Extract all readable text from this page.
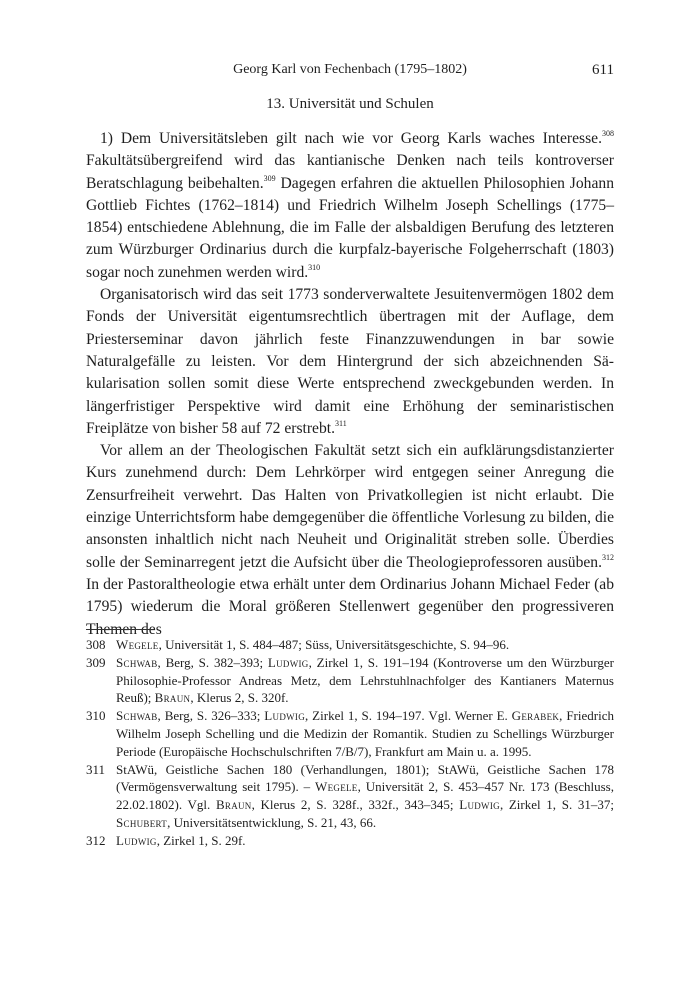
Georg Karl von Fechenbach (1795–1802)	611
13. Universität und Schulen

1) Dem Universitätsleben gilt nach wie vor Georg Karls waches Interesse.$^{308}$ Fakultätsübergreifend wird das kantianische Denken nach teils kontroverser Beratschlagung beibehalten.$^{309}$ Dagegen erfahren die aktuellen Philosophien Johann Gottlieb Fichtes (1762–1814) und Friedrich Wilhelm Joseph Schellings (1775–1854) entschiedene Ablehnung, die im Falle der alsbaldigen Berufung des letzteren zum Würzburger Ordinarius durch die kurpfalz-bayerische Folgeherrschaft (1803) sogar noch zunehmen werden wird.$^{310}$

Organisatorisch wird das seit 1773 sonderverwaltete Jesuitenvermögen 1802 dem Fonds der Universität eigentumsrechtlich übertragen mit der Auflage, dem Priesterseminar davon jährlich feste Finanzzuwendungen in bar sowie Naturalgefälle zu leisten. Vor dem Hintergrund der sich abzeichnenden Säkularisation sollen somit diese Werte entsprechend zweckgebunden werden. In längerfristiger Perspektive wird damit eine Erhöhung der seminaristischen Freiplätze von bisher 58 auf 72 erstrebt.$^{311}$

Vor allem an der Theologischen Fakultät setzt sich ein aufklärungsdistanzierter Kurs zunehmend durch: Dem Lehrkörper wird entgegen seiner Anregung die Zensurfreiheit verwehrt. Das Halten von Privatkollegien ist nicht erlaubt. Die einzige Unterrichtsform habe demgegenüber die öffentliche Vorlesung zu bilden, die ansonsten inhaltlich nicht nach Neuheit und Originalität streben solle. Überdies solle der Seminarregent jetzt die Aufsicht über die Theologieprofessoren ausüben.$^{312}$ In der Pastoraltheologie etwa erhält unter dem Ordinarius Johann Michael Feder (ab 1795) wiederum die Moral größeren Stellenwert gegenüber den progressiveren Themen des

308 Wegele, Universität 1, S. 484–487; Süss, Universitätsgeschichte, S. 94–96.
309 Schwab, Berg, S. 382–393; Ludwig, Zirkel 1, S. 191–194 (Kontroverse um den Würzburger Philosophie-Professor Andreas Metz, dem Lehrstuhlnachfolger des Kantianers Maternus Reuß); Braun, Klerus 2, S. 320f.
310 Schwab, Berg, S. 326–333; Ludwig, Zirkel 1, S. 194–197. Vgl. Werner E. Gerabek, Friedrich Wilhelm Joseph Schelling und die Medizin der Romantik. Studien zu Schellings Würzburger Periode (Europäische Hochschulschriften 7/B/7), Frankfurt am Main u. a. 1995.
311 StAWü, Geistliche Sachen 180 (Verhandlungen, 1801); StAWü, Geistliche Sachen 178 (Vermögensverwaltung seit 1795). – Wegele, Universität 2, S. 453–457 Nr. 173 (Beschluss, 22.02.1802). Vgl. Braun, Klerus 2, S. 328f., 332f., 343–345; Ludwig, Zirkel 1, S. 31–37; Schubert, Universitätsentwicklung, S. 21, 43, 66.
312 Ludwig, Zirkel 1, S. 29f.
